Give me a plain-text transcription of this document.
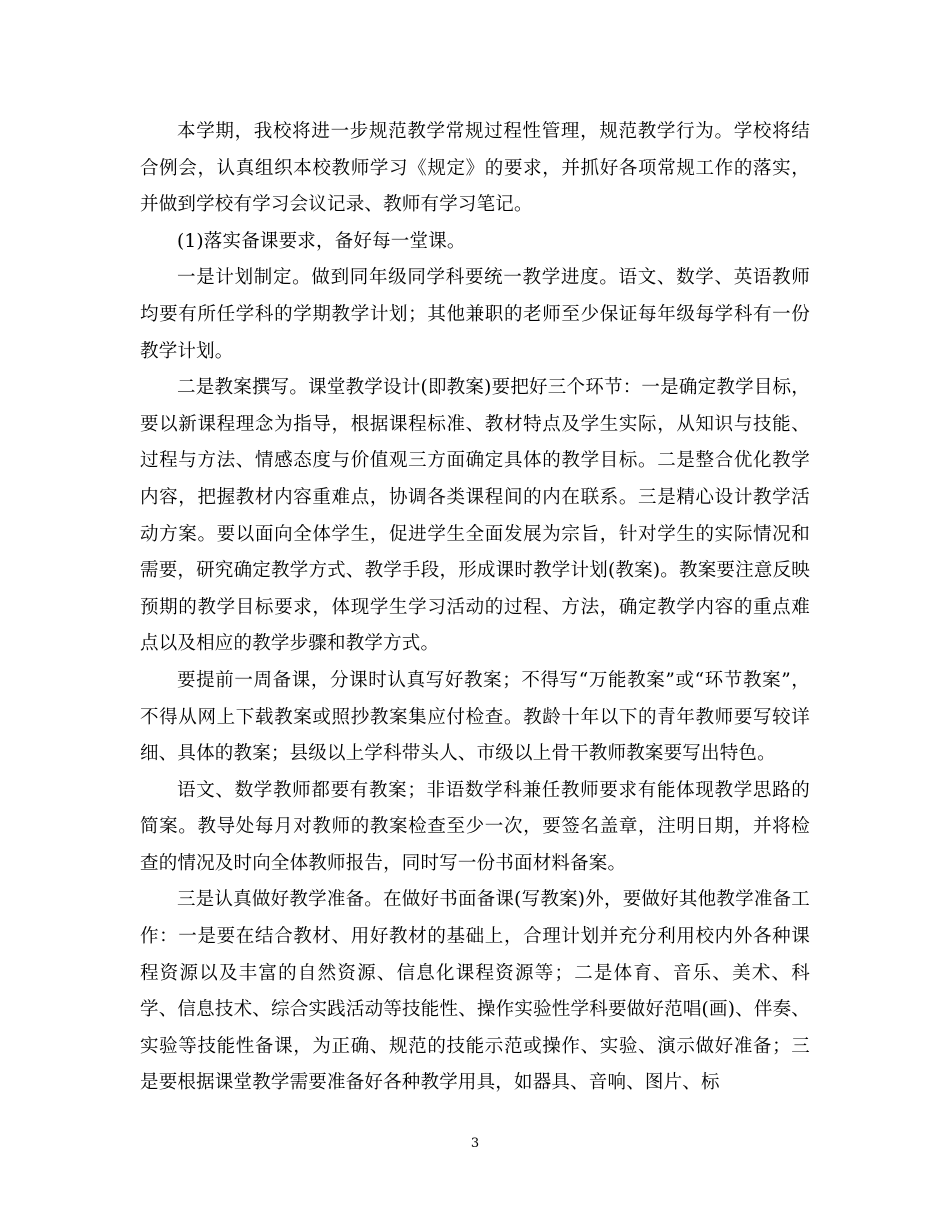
本学期，我校将进一步规范教学常规过程性管理，规范教学行为。学校将结合例会，认真组织本校教师学习《规定》的要求，并抓好各项常规工作的落实，并做到学校有学习会议记录、教师有学习笔记。

(1)落实备课要求，备好每一堂课。

一是计划制定。做到同年级同学科要统一教学进度。语文、数学、英语教师均要有所任学科的学期教学计划；其他兼职的老师至少保证每年级每学科有一份教学计划。

二是教案撰写。课堂教学设计(即教案)要把好三个环节：一是确定教学目标，要以新课程理念为指导，根据课程标准、教材特点及学生实际，从知识与技能、过程与方法、情感态度与价值观三方面确定具体的教学目标。二是整合优化教学内容，把握教材内容重难点，协调各类课程间的内在联系。三是精心设计教学活动方案。要以面向全体学生，促进学生全面发展为宗旨，针对学生的实际情况和需要，研究确定教学方式、教学手段，形成课时教学计划(教案)。教案要注意反映预期的教学目标要求，体现学生学习活动的过程、方法，确定教学内容的重点难点以及相应的教学步骤和教学方式。

要提前一周备课，分课时认真写好教案；不得写“万能教案”或“环节教案”，不得从网上下载教案或照抄教案集应付检查。教龄十年以下的青年教师要写较详细、具体的教案；县级以上学科带头人、市级以上骨干教师教案要写出特色。

语文、数学教师都要有教案；非语数学科兼任教师要求有能体现教学思路的简案。教导处每月对教师的教案检查至少一次，要签名盖章，注明日期，并将检查的情况及时向全体教师报告，同时写一份书面材料备案。

三是认真做好教学准备。在做好书面备课(写教案)外，要做好其他教学准备工作：一是要在结合教材、用好教材的基础上，合理计划并充分利用校内外各种课程资源以及丰富的自然资源、信息化课程资源等；二是体育、音乐、美术、科学、信息技术、综合实践活动等技能性、操作实验性学科要做好范唱(画)、伴奏、实验等技能性备课，为正确、规范的技能示范或操作、实验、演示做好准备；三是要根据课堂教学需要准备好各种教学用具，如器具、音响、图片、标

3
